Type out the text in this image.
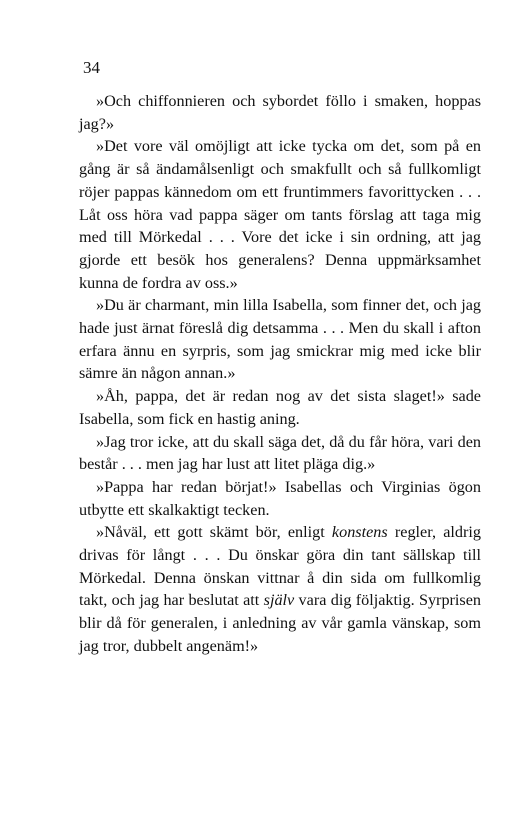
34

»Och chiffonnieren och sybordet föllo i smaken, hoppas jag?»

»Det vore väl omöjligt att icke tycka om det, som på en gång är så ändamålsenligt och smakfullt och så fullkomligt röjer pappas kännedom om ett fruntimmers favorittycken . . . Låt oss höra vad pappa säger om tants förslag att taga mig med till Mörkedal . . . Vore det icke i sin ordning, att jag gjorde ett besök hos generalens? Denna uppmärksamhet kunna de fordra av oss.»

»Du är charmant, min lilla Isabella, som finner det, och jag hade just ärnat föreslå dig detsamma . . . Men du skall i afton erfara ännu en syrpris, som jag smickrar mig med icke blir sämre än någon annan.»

»Åh, pappa, det är redan nog av det sista slaget!» sade Isabella, som fick en hastig aning.

»Jag tror icke, att du skall säga det, då du får höra, vari den består . . . men jag har lust att litet pläga dig.»

»Pappa har redan börjat!» Isabellas och Virginias ögon utbytte ett skalkaktigt tecken.

»Nåväl, ett gott skämt bör, enligt konstens regler, aldrig drivas för långt . . . Du önskar göra din tant sällskap till Mörkedal. Denna önskan vittnar å din sida om fullkomlig takt, och jag har beslutat att själv vara dig följaktig. Syrprisen blir då för generalen, i anledning av vår gamla vänskap, som jag tror, dubbelt angenäm!»
